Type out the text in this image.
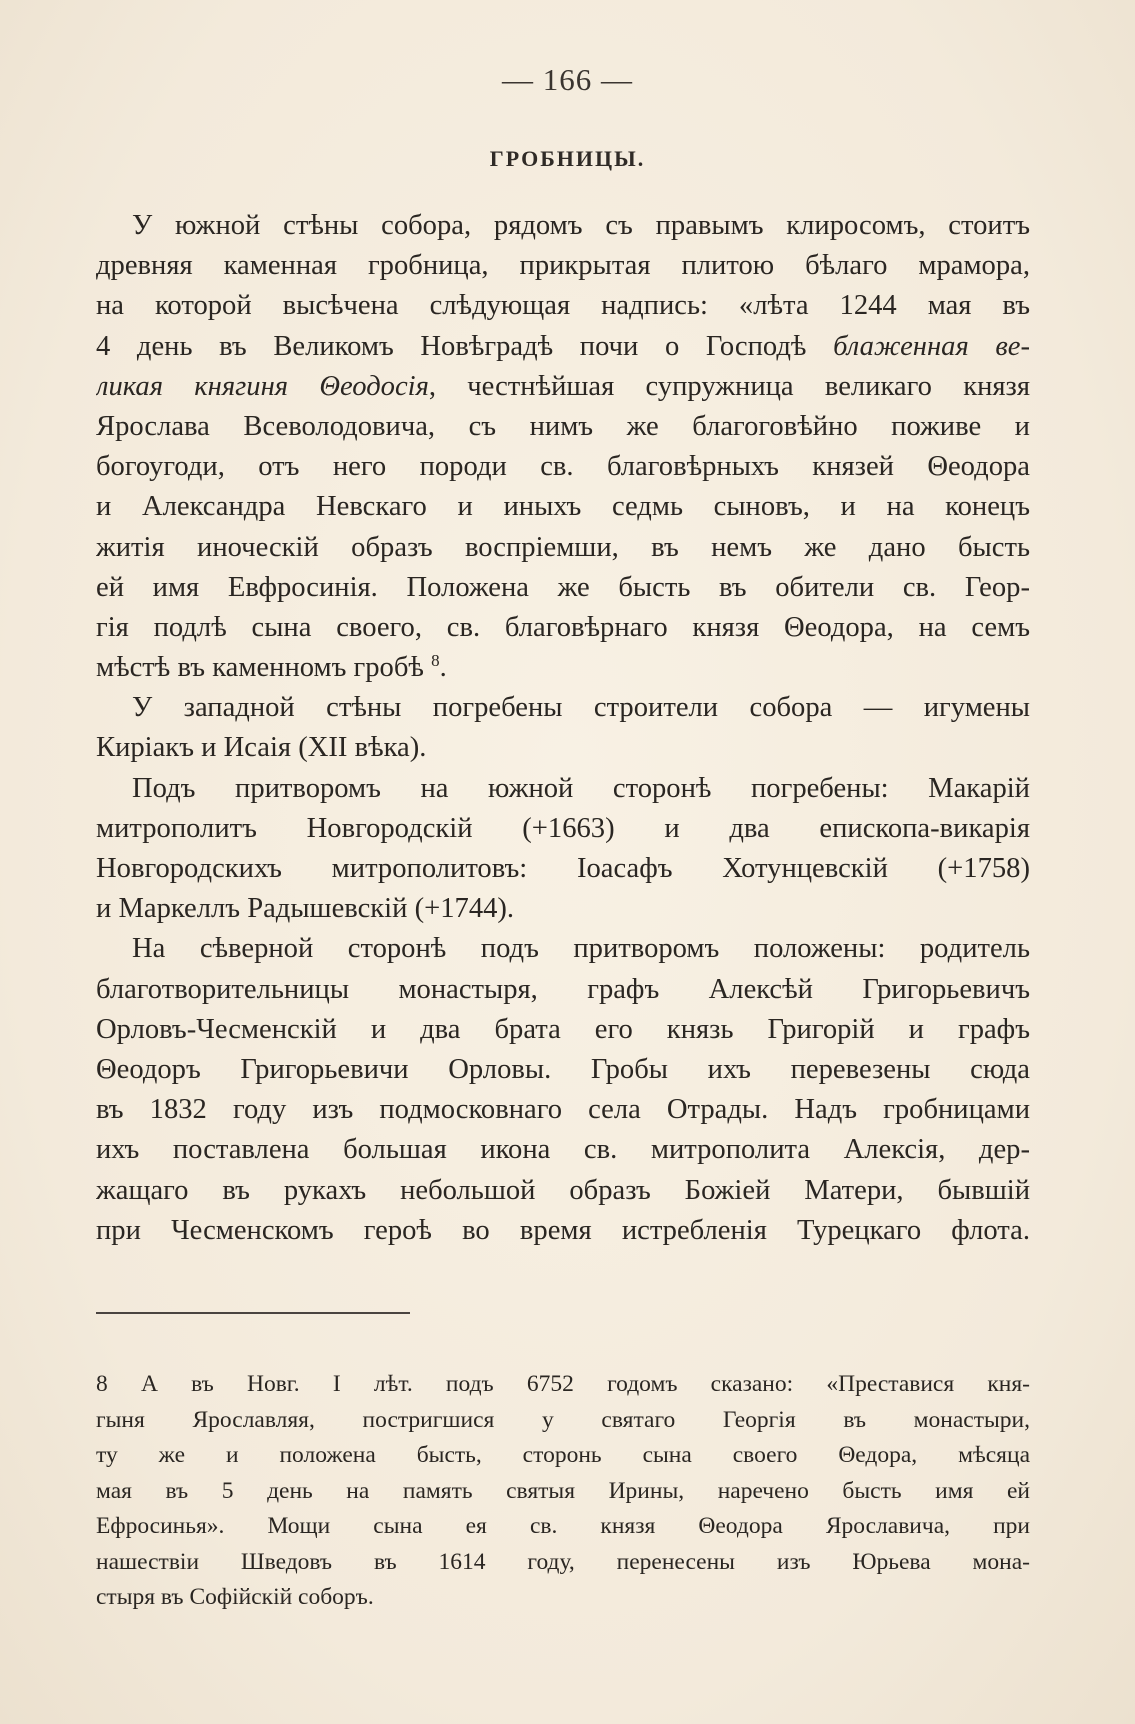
— 166 —
ГРОБНИЦЫ.
У южной стѣны собора, рядомъ съ правымъ клиросомъ, стоитъ
древняя каменная гробница, прикрытая плитою бѣлаго мрамора,
на которой высѣчена слѣдующая надпись: «лѣта 1244 мая въ
4 день въ Великомъ Новѣградѣ почи о Господѣ блаженная ве-
ликая княгиня Θеодосія, честнѣйшая супружница великаго князя
Ярослава Всеволодовича, съ нимъ же благоговѣйно поживе и
богоугоди, отъ него породи св. благовѣрныхъ князей Θеодора
и Александра Невскаго и иныхъ седмь сыновъ, и на конецъ
житія иноческій образъ воспріемши, въ немъ же дано бысть
ей имя Евфросинія. Положена же бысть въ обители св. Геор-
гія подлѣ сына своего, св. благовѣрнаго князя Θеодора, на семъ
мѣстѣ въ каменномъ гробѣ $^8$.
У западной стѣны погребены строители собора — игумены
Киріакъ и Исаія (XII вѣка).
Подъ притворомъ на южной сторонѣ погребены: Макарій
митрополитъ Новгородскій (+1663) и два епископа-викарія
Новгородскихъ митрополитовъ: Іоасафъ Хотунцевскій (+1758)
и Маркеллъ Радышевскій (+1744).
На сѣверной сторонѣ подъ притворомъ положены: родитель
благотворительницы монастыря, графъ Алексѣй Григорьевичъ
Орловъ-Чесменскій и два брата его князь Григорій и графъ
Θеодоръ Григорьевичи Орловы. Гробы ихъ перевезены сюда
въ 1832 году изъ подмосковнаго села Отрады. Надъ гробницами
ихъ поставлена большая икона св. митрополита Алексія, дер-
жащаго въ рукахъ небольшой образъ Божіей Матери, бывшій
при Чесменскомъ героѣ во время истребленія Турецкаго флота.
8 А въ Новг. I лѣт. подъ 6752 годомъ сказано: «Преставися кня-
гыня Ярославляя, постригшися у святаго Георгія въ монастыри,
ту же и положена бысть, сторонь сына своего Θедора, мѣсяца
мая въ 5 день на память святыя Ирины, наречено бысть имя ей
Ефросинья». Мощи сына ея св. князя Θеодора Ярославича, при
нашествіи Шведовъ въ 1614 году, перенесены изъ Юрьева мона-
стыря въ Софійскій соборъ.
